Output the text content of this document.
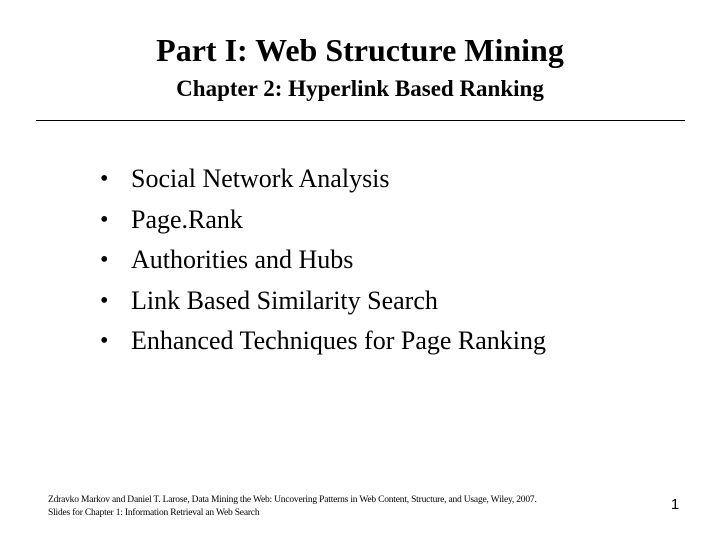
Part I: Web Structure Mining
Chapter 2: Hyperlink Based Ranking
• Social Network Analysis
• Page.Rank
• Authorities and Hubs
• Link Based Similarity Search
• Enhanced Techniques for Page Ranking
Zdravko Markov and Daniel T. Larose, Data Mining the Web: Uncovering Patterns in Web Content, Structure, and Usage, Wiley, 2007.
Slides for Chapter 1: Information Retrieval an Web Search	1
